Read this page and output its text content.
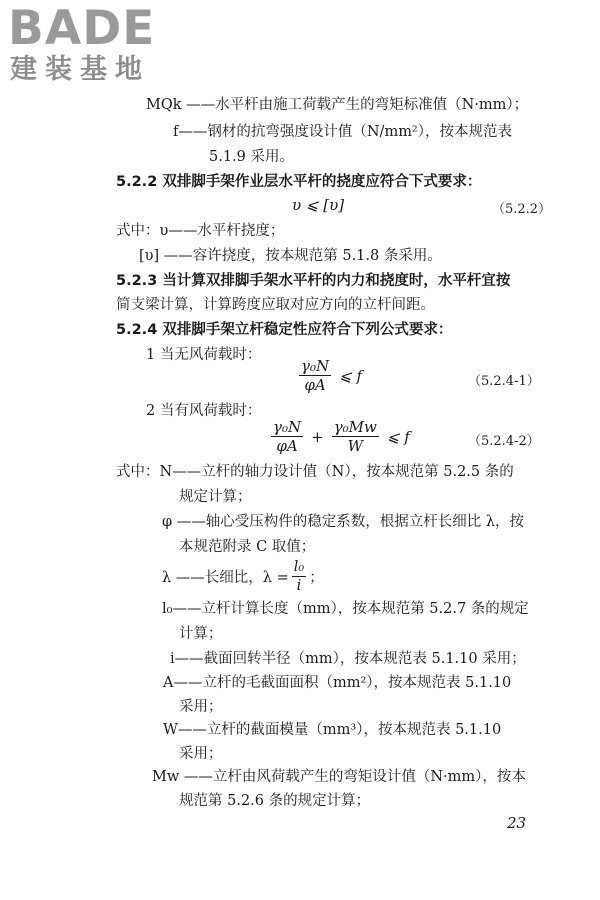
BADE
建装基地
MQk ——水平杆由施工荷载产生的弯矩标准值（N·mm）；
f——钢材的抗弯强度设计值（N/mm²），按本规范表
5.1.9 采用。
5.2.2 双排脚手架作业层水平杆的挠度应符合下式要求：
υ ⩽ [υ]	（5.2.2）
式中：υ——水平杆挠度；
[υ] ——容许挠度，按本规范第 5.1.8 条采用。
5.2.3 当计算双排脚手架水平杆的内力和挠度时，水平杆宜按
简支梁计算，计算跨度应取对应方向的立杆间距。
5.2.4 双排脚手架立杆稳定性应符合下列公式要求：
1 当无风荷载时：
$\frac{\text{γ₀N}}{\varphi A}$ ⩽ f	（5.2.4-1）
2 当有风荷载时：
$\frac{\text{γ₀N}}{\varphi A} + \frac{\text{γ₀Mw}}{W}$ ⩽ f	（5.2.4-2）
式中：N——立杆的轴力设计值（N），按本规范第 5.2.5 条的
规定计算；
φ ——轴心受压构件的稳定系数，根据立杆长细比 λ，按
本规范附录 C 取值；
λ ——长细比，$\lambda = \frac{\text{l₀}}{i}$ ；
l₀——立杆计算长度（mm），按本规范第 5.2.7 条的规定
计算；
i——截面回转半径（mm），按本规范表 5.1.10 采用；
A——立杆的毛截面面积（mm²），按本规范表 5.1.10
采用；
W——立杆的截面模量（mm³），按本规范表 5.1.10
采用；
Mw ——立杆由风荷载产生的弯矩设计值（N·mm），按本
规范第 5.2.6 条的规定计算；
23
